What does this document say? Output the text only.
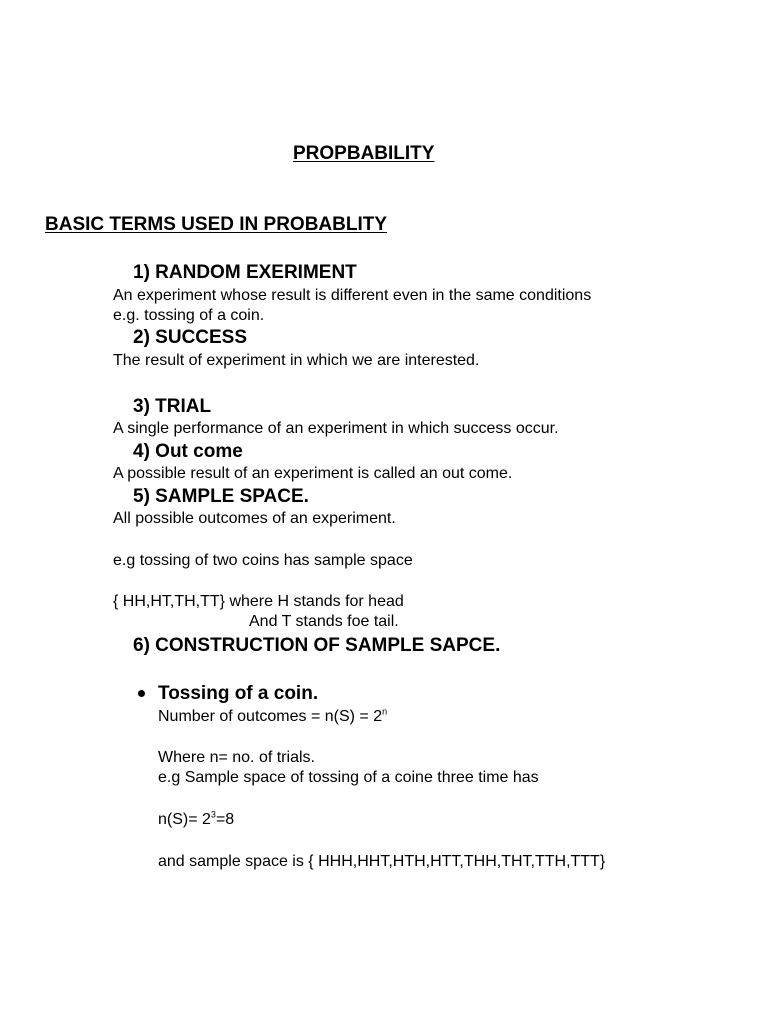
PROPBABILITY
BASIC TERMS USED IN PROBABLITY
1) RANDOM EXERIMENT
An experiment whose result is different even in the same conditions
e.g. tossing of a coin.
2) SUCCESS
The result of experiment in which we are interested.
3) TRIAL
A single performance of an experiment in which success occur.
4) Out come
A possible result of an experiment is called an out come.
5) SAMPLE SPACE.
All possible outcomes of an experiment.
e.g tossing of two coins has sample space
{ HH,HT,TH,TT} where H stands for head
And T stands foe tail.
6) CONSTRUCTION OF SAMPLE SAPCE.
Tossing of a coin.
Number of outcomes = $n(S) = 2^n$
Where n= no. of trials.
e.g Sample space of tossing of a coine three time has
$n(S)= 2^3=8$
and sample space is { HHH,HHT,HTH,HTT,THH,THT,TTH,TTT}
